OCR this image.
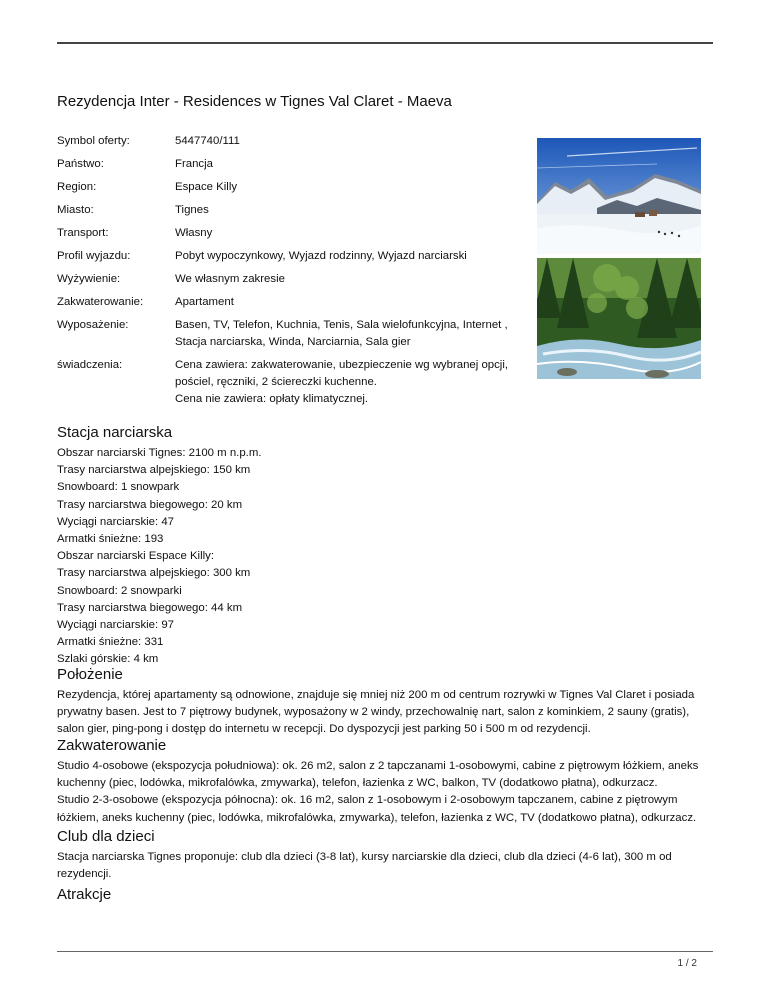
Rezydencja Inter - Residences w Tignes Val Claret - Maeva
Symbol oferty:	5447740/111
Państwo:	Francja
Region:	Espace Killy
Miasto:	Tignes
Transport:	Własny
Profil wyjazdu:	Pobyt wypoczynkowy, Wyjazd rodzinny, Wyjazd narciarski
Wyżywienie:	We własnym zakresie
Zakwaterowanie:	Apartament
Wyposażenie:	Basen, TV, Telefon, Kuchnia, Tenis, Sala wielofunkcyjna, Internet , Stacja narciarska, Winda, Narciarnia, Sala gier
świadczenia:	Cena zawiera: zakwaterowanie, ubezpieczenie wg wybranej opcji, pościel, ręczniki, 2 ściereczki kuchenne.
Cena nie zawiera: opłaty klimatycznej.
Stacja narciarska
Obszar narciarski Tignes: 2100 m n.p.m.
Trasy narciarstwa alpejskiego: 150 km
Snowboard: 1 snowpark
Trasy narciarstwa biegowego: 20 km
Wyciągi narciarskie: 47
Armatki śnieżne: 193
Obszar narciarski Espace Killy:
Trasy narciarstwa alpejskiego: 300 km
Snowboard: 2 snowparki
Trasy narciarstwa biegowego: 44 km
Wyciągi narciarskie: 97
Armatki śnieżne: 331
Szlaki górskie: 4 km
Położenie

Rezydencja, której apartamenty są odnowione, znajduje się mniej niż 200 m od centrum rozrywki w Tignes Val Claret i posiada prywatny basen. Jest to 7 piętrowy budynek, wyposażony w 2 windy, przechowalnię nart, salon z kominkiem, 2 sauny (gratis), salon gier, ping-pong i dostęp do internetu w recepcji. Do dyspozycji jest parking 50 i 500 m od rezydencji.

Zakwaterowanie

Studio 4-osobowe (ekspozycja południowa): ok. 26 m2, salon z 2 tapczanami 1-osobowymi, cabine z piętrowym łóżkiem, aneks kuchenny (piec, lodówka, mikrofalówka, zmywarka), telefon, łazienka z WC, balkon, TV (dodatkowo płatna), odkurzacz.

Studio 2-3-osobowe (ekspozycja północna): ok. 16 m2, salon z 1-osobowym i 2-osobowym tapczanem, cabine z piętrowym łóżkiem, aneks kuchenny (piec, lodówka, mikrofalówka, zmywarka), telefon, łazienka z WC, TV (dodatkowo płatna), odkurzacz.

Club dla dzieci

Stacja narciarska Tignes proponuje: club dla dzieci (3-8 lat), kursy narciarskie dla dzieci, club dla dzieci (4-6 lat), 300 m od rezydencji.

Atrakcje
1 / 2
